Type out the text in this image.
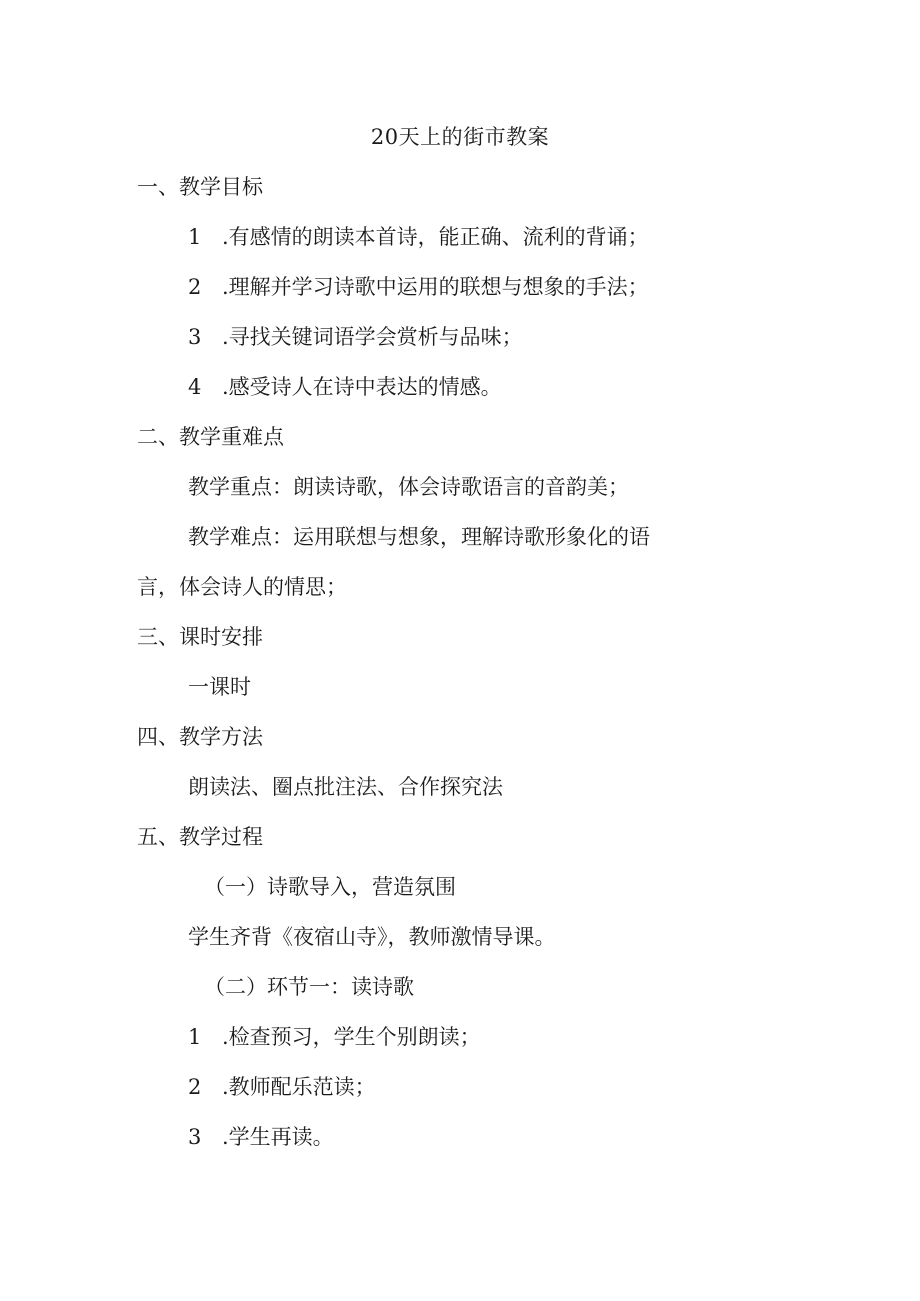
20天上的街市教案
一、教学目标
1 .有感情的朗读本首诗，能正确、流利的背诵；
2 .理解并学习诗歌中运用的联想与想象的手法；
3 .寻找关键词语学会赏析与品味；
4 .感受诗人在诗中表达的情感。
二、教学重难点
教学重点：朗读诗歌，体会诗歌语言的音韵美；
教学难点：运用联想与想象，理解诗歌形象化的语
言，体会诗人的情思；
三、课时安排
一课时
四、教学方法
朗读法、圈点批注法、合作探究法
五、教学过程
（一）诗歌导入，营造氛围
学生齐背《夜宿山寺》，教师激情导课。
（二）环节一：读诗歌
1 .检查预习，学生个别朗读；
2 .教师配乐范读；
3 .学生再读。
